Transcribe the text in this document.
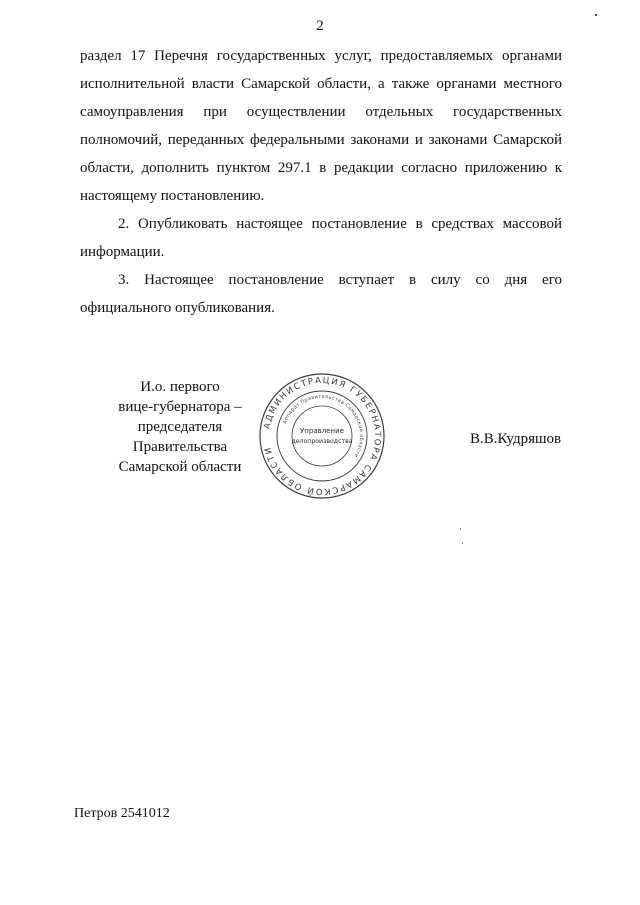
2

раздел 17 Перечня государственных услуг, предоставляемых органами исполнительной власти Самарской области, а также органами местного самоуправления при осуществлении отдельных государственных полномочий, переданных федеральными законами и законами Самарской области, дополнить пунктом 297.1 в редакции согласно приложению к настоящему постановлению.

2. Опубликовать настоящее постановление в средствах массовой информации.

3. Настоящее постановление вступает в силу со дня его официального опубликования.

И.о. первого
вице-губернатора –
председателя Правительства
Самарской области
АДМИНИСТРАЦИЯ ГУБЕРНАТОРА САМАРСКОЙ ОБЛАСТИ
Аппарат Правительства Самарской области
Управление
делопроизводства	В.В.Кудряшов
Петров 2541012
